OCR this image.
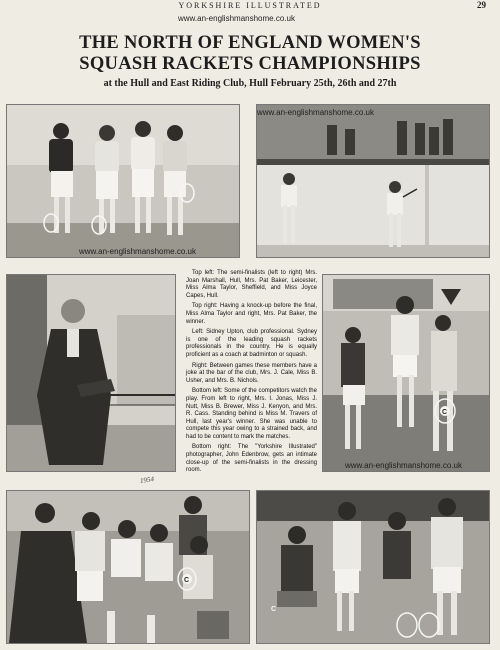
YORKSHIRE ILLUSTRATED	29
www.an-englishmanshome.co.uk
THE NORTH OF ENGLAND WOMEN'S
SQUASH RACKETS CHAMPIONSHIPS
at the Hull and East Riding Club, Hull February 25th, 26th and 27th
www.an-englishmanshome.co.uk
www.an-englishmanshome.co.uk
1954

Top left: The semi-finalists (left to right) Mrs. Joan Marshall, Hull, Mrs. Pat Baker, Leicester, Miss Alma Taylor, Sheffield, and Miss Joyce Capes, Hull.

Top right: Having a knock-up before the final, Miss Alma Taylor and right, Mrs. Pat Baker, the winner.

Left: Sidney Upton, club professional. Sydney is one of the leading squash rackets professionals in the country. He is equally proficient as a coach at badminton or squash.

Right: Between games these members have a joke at the bar of the club, Mrs. J. Cale, Miss B. Usher, and Mrs. B. Nichols.

Bottom left: Some of the competitors watch the play. From left to right, Mrs. I. Jonas, Miss J. Nutt, Miss B. Brewer, Miss J. Kenyon, and Mrs. R. Cass. Standing behind is Miss M. Travers of Hull, last year's winner. She was unable to compete this year owing to a strained back, and had to be content to mark the matches.

Bottom right: The "Yorkshire Illustrated" photographer, John Edenbrow, gets an intimate close-up of the semi-finalists in the dressing room.

C
www.an-englishmanshome.co.uk
C
C
